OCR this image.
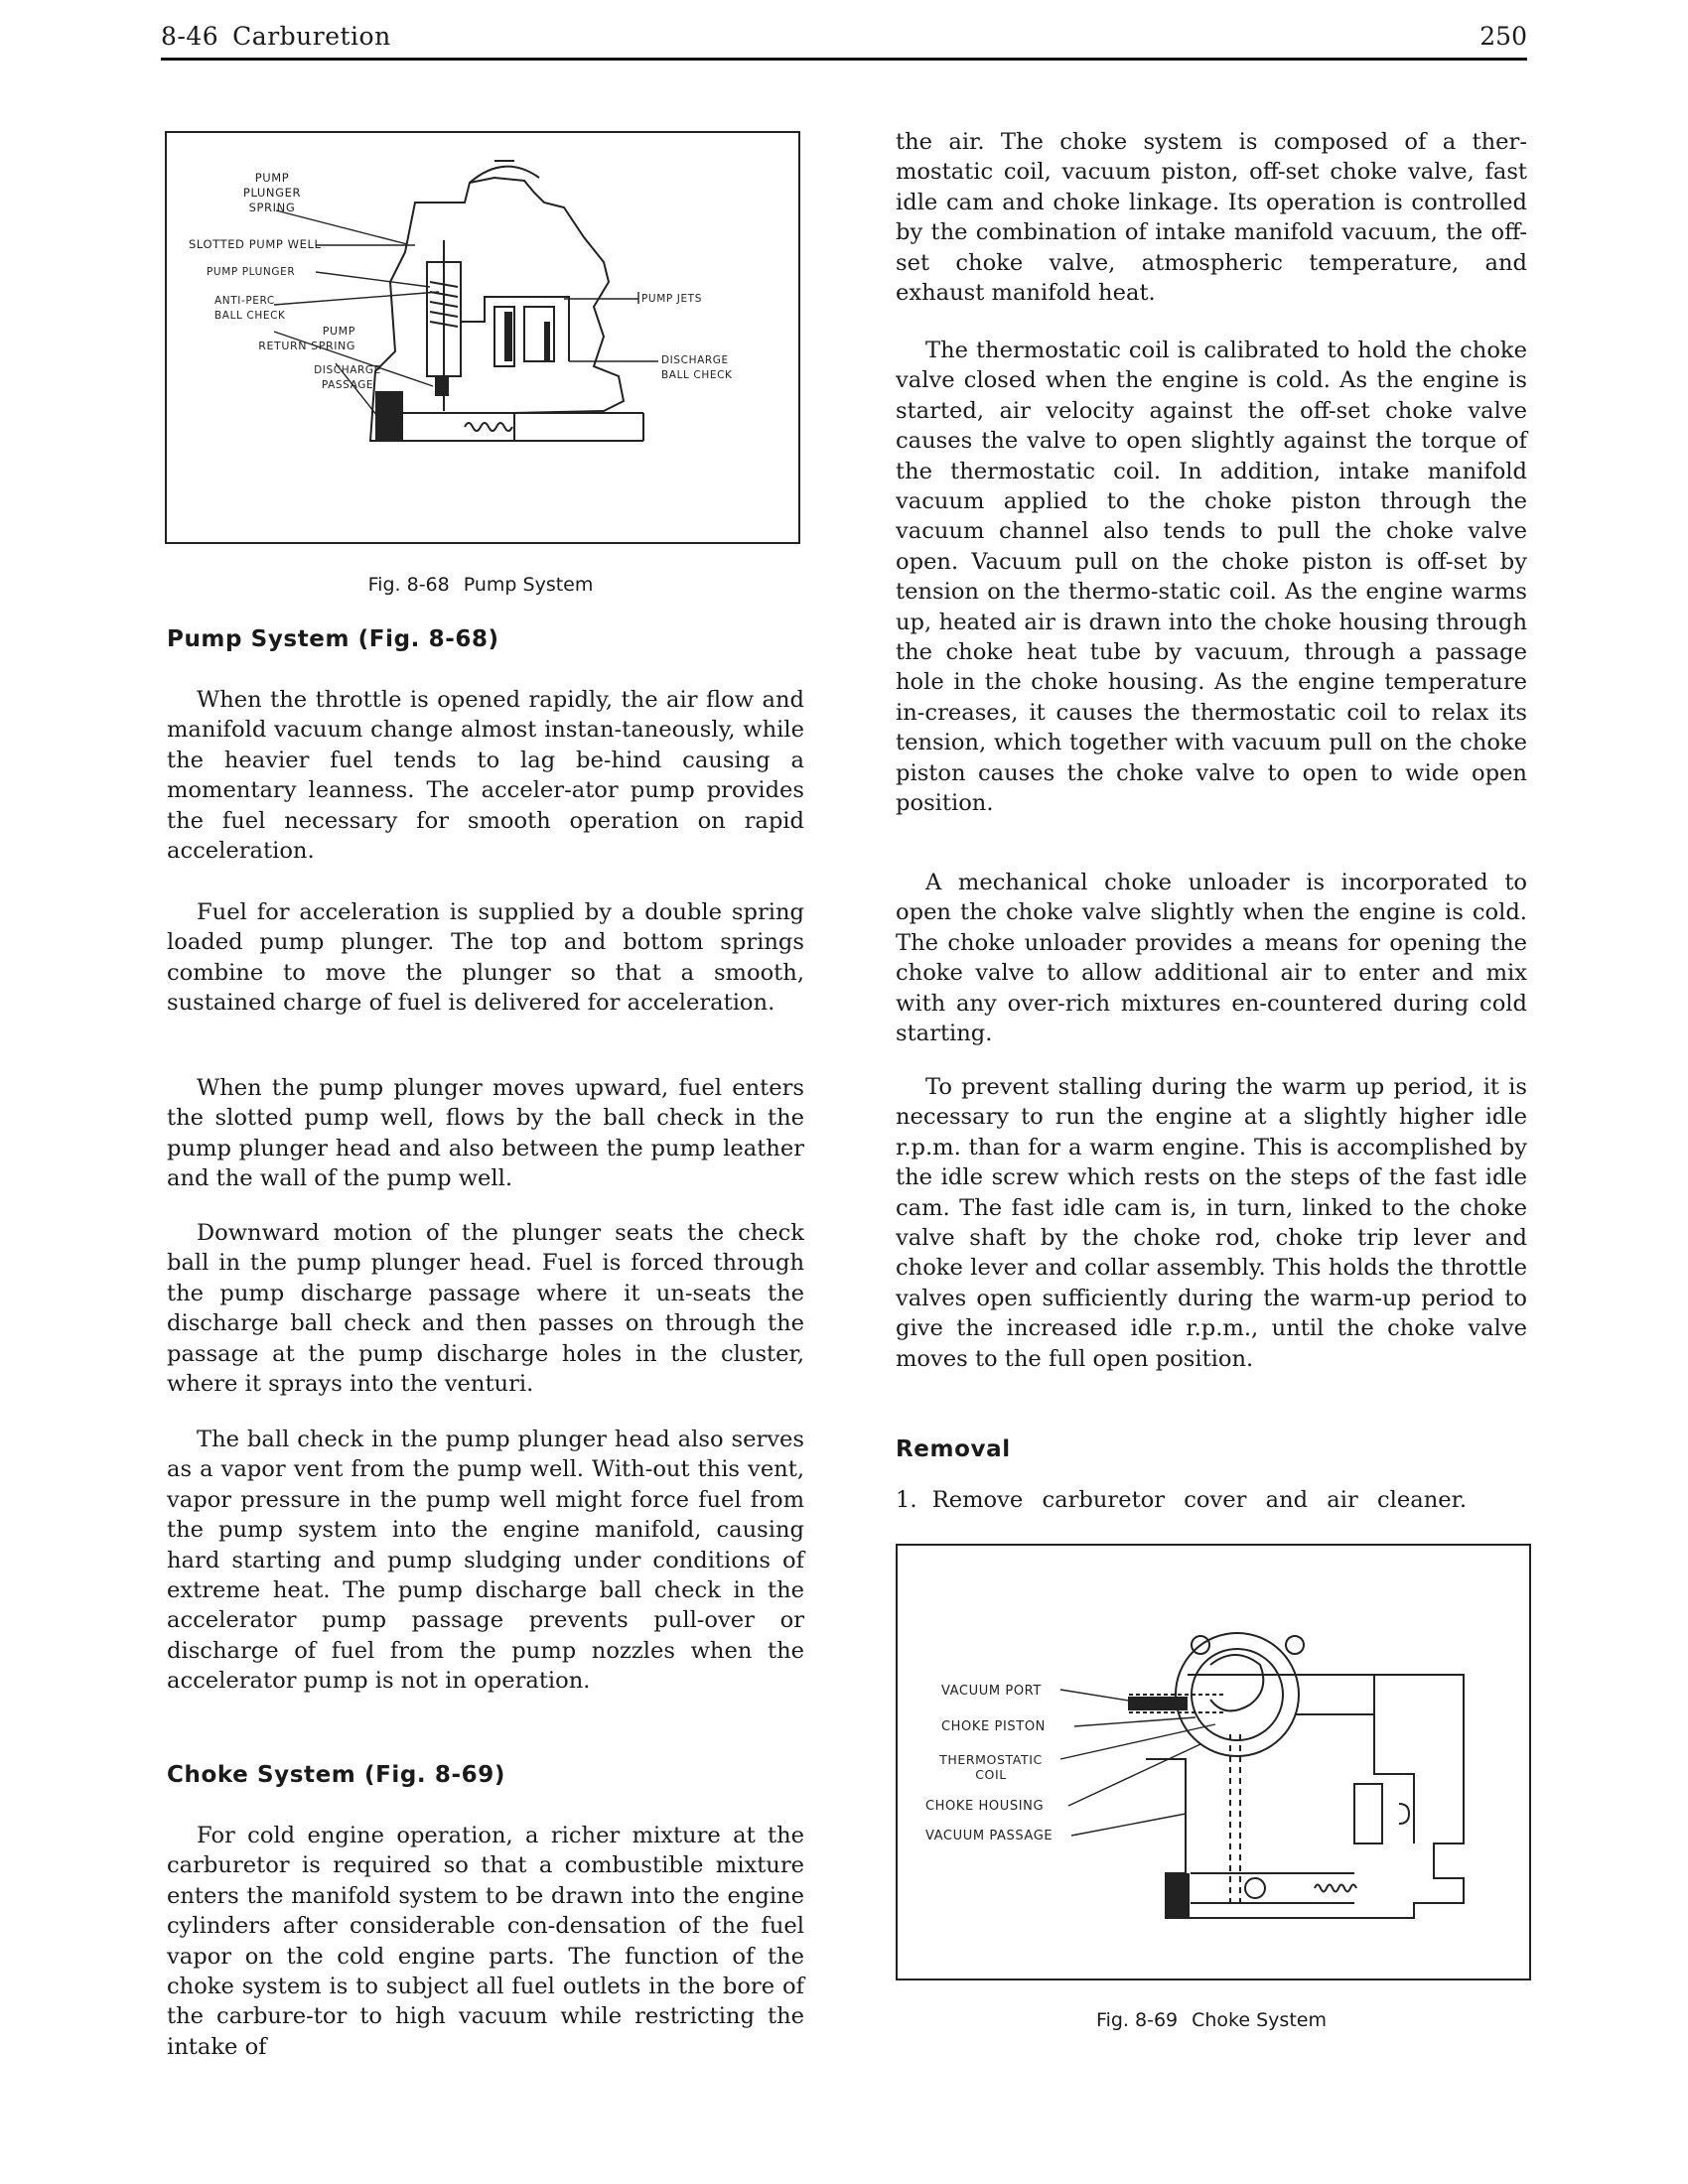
8-46 Carburetion	250
PUMP
PLUNGER
SPRING
SLOTTED PUMP WELL
PUMP PLUNGER
ANTI-PERC
BALL CHECK
PUMP
RETURN SPRING
DISCHARGE
PASSAGE
PUMP JETS
DISCHARGE
BALL CHECK
Fig. 8-68 Pump System
Pump System (Fig. 8-68)

When the throttle is opened rapidly, the air flow and manifold vacuum change almost instan-taneously, while the heavier fuel tends to lag be-hind causing a momentary leanness. The acceler-ator pump provides the fuel necessary for smooth operation on rapid acceleration.

Fuel for acceleration is supplied by a double spring loaded pump plunger. The top and bottom springs combine to move the plunger so that a smooth, sustained charge of fuel is delivered for acceleration.

When the pump plunger moves upward, fuel enters the slotted pump well, flows by the ball check in the pump plunger head and also between the pump leather and the wall of the pump well.

Downward motion of the plunger seats the check ball in the pump plunger head. Fuel is forced through the pump discharge passage where it un-seats the discharge ball check and then passes on through the passage at the pump discharge holes in the cluster, where it sprays into the venturi.

The ball check in the pump plunger head also serves as a vapor vent from the pump well. With-out this vent, vapor pressure in the pump well might force fuel from the pump system into the engine manifold, causing hard starting and pump sludging under conditions of extreme heat. The pump discharge ball check in the accelerator pump passage prevents pull-over or discharge of fuel from the pump nozzles when the accelerator pump is not in operation.

Choke System (Fig. 8-69)

For cold engine operation, a richer mixture at the carburetor is required so that a combustible mixture enters the manifold system to be drawn into the engine cylinders after considerable con-densation of the fuel vapor on the cold engine parts. The function of the choke system is to subject all fuel outlets in the bore of the carbure-tor to high vacuum while restricting the intake of

the air. The choke system is composed of a ther-mostatic coil, vacuum piston, off-set choke valve, fast idle cam and choke linkage. Its operation is controlled by the combination of intake manifold vacuum, the off-set choke valve, atmospheric temperature, and exhaust manifold heat.

The thermostatic coil is calibrated to hold the choke valve closed when the engine is cold. As the engine is started, air velocity against the off-set choke valve causes the valve to open slightly against the torque of the thermostatic coil. In addition, intake manifold vacuum applied to the choke piston through the vacuum channel also tends to pull the choke valve open. Vacuum pull on the choke piston is off-set by tension on the thermo-static coil. As the engine warms up, heated air is drawn into the choke housing through the choke heat tube by vacuum, through a passage hole in the choke housing. As the engine temperature in-creases, it causes the thermostatic coil to relax its tension, which together with vacuum pull on the choke piston causes the choke valve to open to wide open position.

A mechanical choke unloader is incorporated to open the choke valve slightly when the engine is cold. The choke unloader provides a means for opening the choke valve to allow additional air to enter and mix with any over-rich mixtures en-countered during cold starting.

To prevent stalling during the warm up period, it is necessary to run the engine at a slightly higher idle r.p.m. than for a warm engine. This is accomplished by the idle screw which rests on the steps of the fast idle cam. The fast idle cam is, in turn, linked to the choke valve shaft by the choke rod, choke trip lever and choke lever and collar assembly. This holds the throttle valves open sufficiently during the warm-up period to give the increased idle r.p.m., until the choke valve moves to the full open position.

Removal

1. Remove carburetor cover and air cleaner.

VACUUM PORT
CHOKE PISTON
THERMOSTATIC
COIL
CHOKE HOUSING
VACUUM PASSAGE
Fig. 8-69 Choke System
